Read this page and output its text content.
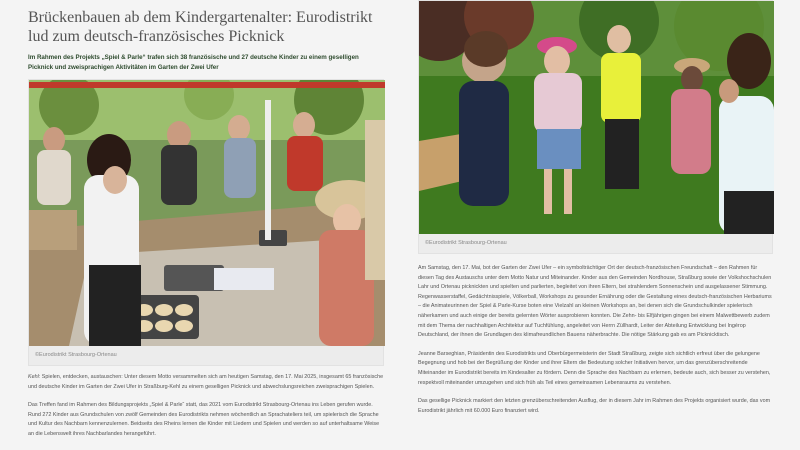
Brückenbauen ab dem Kindergartenalter: Eurodistrikt lud zum deutsch-französisches Picknick

Im Rahmen des Projekts „Spiel & Parle“ trafen sich 38 französische und 27 deutsche Kinder zu einem geselligen Picknick und zweisprachigen Aktivitäten im Garten der Zwei Ufer

©Eurodistrikt Strasbourg-Ortenau

Kehl: Spielen, entdecken, austauschen: Unter diesem Motto versammelten sich am heutigen Samstag, den 17. Mai 2025, insgesamt 65 französische und deutsche Kinder im Garten der Zwei Ufer in Straßburg-Kehl zu einem geselligen Picknick und abwechslungsreichen zweisprachigen Spielen.

Das Treffen fand im Rahmen des Bildungsprojekts „Spiel & Parle“ statt, das 2021 vom Eurodistrikt Strasbourg-Ortenau ins Leben gerufen wurde. Rund 272 Kinder aus Grundschulen von zwölf Gemeinden des Eurodistrikts nehmen wöchentlich an Sprachateliers teil, um spielerisch die Sprache und Kultur des Nachbarn kennenzulernen. Beidseits des Rheins lernen die Kinder mit Liedern und Spielen und werden so auf unterhaltsame Weise an die Lebenswelt ihres Nachbarlandes herangeführt.

©Eurodistrikt Strasbourg-Ortenau

Am Samstag, den 17. Mai, bot der Garten der Zwei Ufer – ein symbolträchtiger Ort der deutsch-französischen Freundschaft – den Rahmen für diesen Tag des Austauschs unter dem Motto Natur und Miteinander. Kinder aus den Gemeinden Nordhouse, Straßburg sowie der Volkshochschulen Lahr und Ortenau picknickten und spielten und parlierten, begleitet von ihren Eltern, bei strahlendem Sonnenschein und ausgelassener Stimmung. Regenwasserstaffel, Gedächtnisspiele, Völkerball, Workshops zu gesunder Ernährung oder die Gestaltung eines deutsch-französischen Herbariums – die Animateurinnen der Spiel & Parle-Kurse boten eine Vielzahl an kleinen Workshops an, bei denen sich die Grundschulkinder spielerisch näherkamen und auch einige der bereits gelernten Wörter ausprobieren konnten. Die Zehn- bis Elfjährigen gingen bei einem Malwettbewerb zudem mit dem Thema der nachhaltigen Architektur auf Tuchfühlung, angeleitet von Herrn Züllhardt, Leiter der Abteilung Entwicklung bei Ingérop Deutschland, der ihnen die Grundlagen des klimafreundlichen Bauens näherbrachte. Die nötige Stärkung gab es am Picknicktisch.

Jeanne Barseghian, Präsidentin des Eurodistrikts und Oberbürgermeisterin der Stadt Straßburg, zeigte sich sichtlich erfreut über die gelungene Begegnung und hob bei der Begrüßung der Kinder und ihrer Eltern die Bedeutung solcher Initiativen hervor, um das grenzüberschreitende Miteinander im Eurodistrikt bereits im Kindesalter zu fördern. Denn die Sprache des Nachbarn zu erlernen, bedeute auch, sich besser zu verstehen, respektvoll miteinander umzugehen und sich früh als Teil eines gemeinsamen Lebensraums zu verstehen.

Das gesellige Picknick markiert den letzten grenzüberschreitenden Ausflug, der in diesem Jahr im Rahmen des Projekts organisiert wurde, das vom Eurodistrikt jährlich mit 60.000 Euro finanziert wird.
